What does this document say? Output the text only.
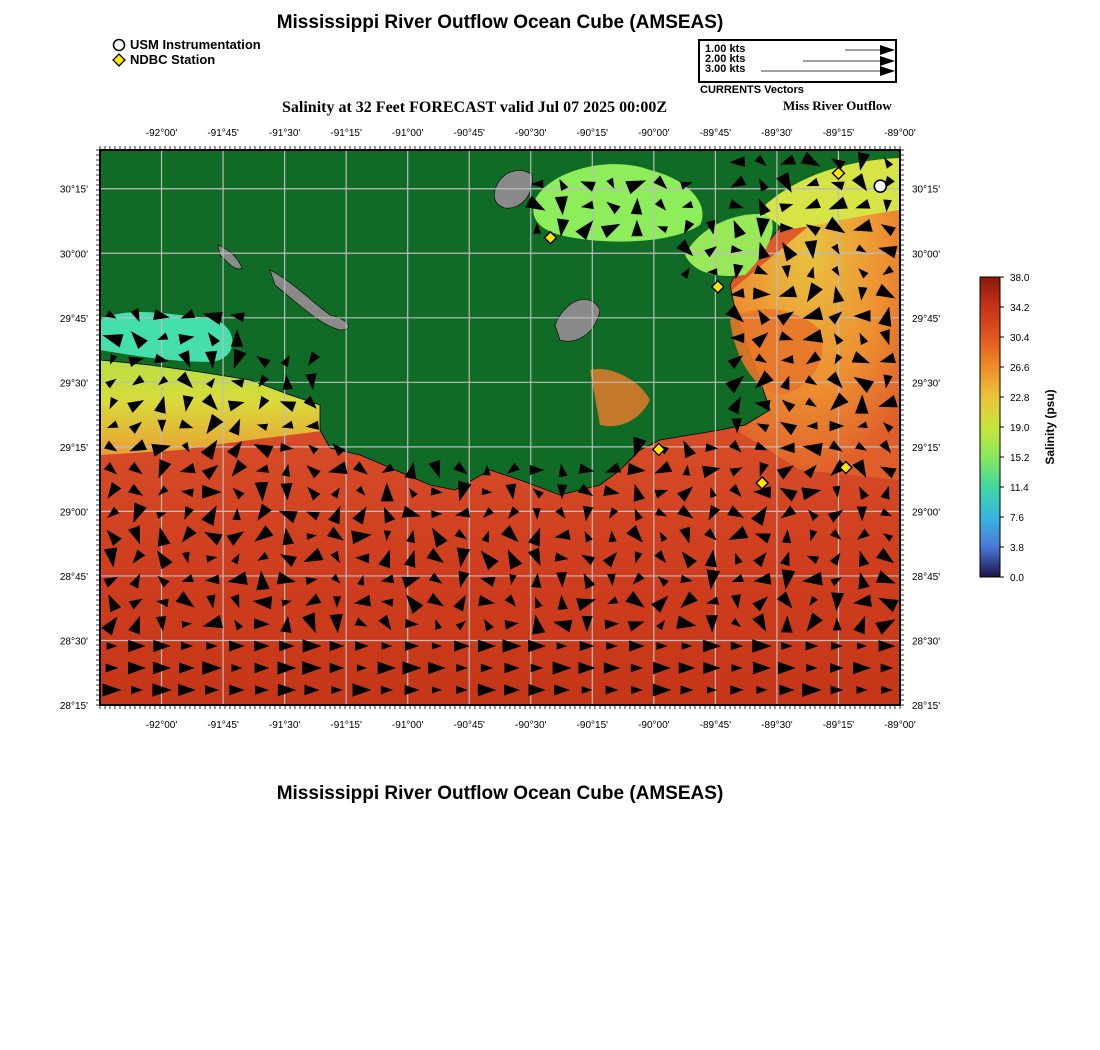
Mississippi River Outflow Ocean Cube (AMSEAS)
USM Instrumentation
NDBC Station
1.00 kts
2.00 kts
3.00 kts
CURRENTS Vectors
Salinity at 32 Feet FORECAST valid Jul 07 2025 00:00Z	Miss River Outflow
-92°00'
-92°00'
-91°45'
-91°45'
-91°30'
-91°30'
-91°15'
-91°15'
-91°00'
-91°00'
-90°45'
-90°45'
-90°30'
-90°30'
-90°15'
-90°15'
-90°00'
-90°00'
-89°45'
-89°45'
-89°30'
-89°30'
-89°15'
-89°15'
-89°00'
-89°00'
30°15'	30°15'
30°00'	30°00'
29°45'	29°45'
29°30'	29°30'
29°15'	29°15'
29°00'	29°00'
28°45'	28°45'
28°30'	28°30'
28°15'	28°15'
38.0
34.2
30.4
26.6
22.8
19.0
15.2
11.4
7.6
3.8
0.0
Salinity (psu)
Mississippi River Outflow Ocean Cube (AMSEAS)
